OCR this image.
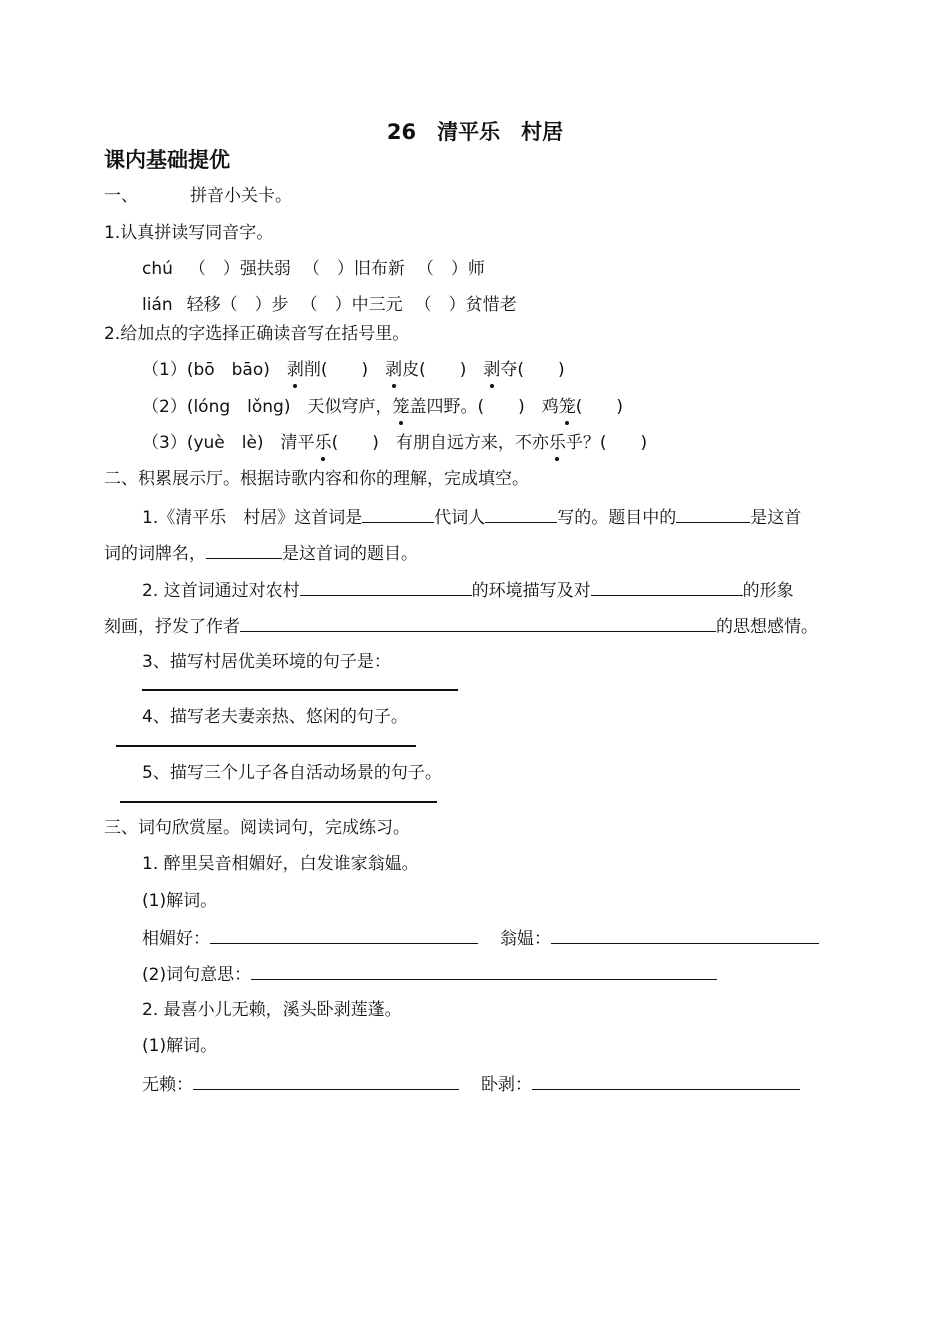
26　清平乐　村居
课内基础提优
一、	拼音小关卡。
1.认真拼读写同音字。
chú （　）强扶弱 （　）旧布新 （　）师
lián 轻移（　）步 （　）中三元 （　）贫惜老
2.给加点的字选择正确读音写在括号里。
（1）(bō　bāo)　剥削(　　)　剥皮(　　)　剥夺(　　)
（2）(lóng　lǒng)　天似穹庐，笼盖四野。(　　)　鸡笼(　　)
（3）(yuè　lè)　清平乐(　　)　有朋自远方来，不亦乐乎？(　　)
二、积累展示厅。根据诗歌内容和你的理解，完成填空。
1.《清平乐　村居》这首词是	代词人	写的。题目中的	是这首
词的词牌名，	是这首词的题目。
2. 这首词通过对农村	的环境描写及对	的形象
刻画，抒发了作者	的思想感情。
3、描写村居优美环境的句子是：
4、描写老夫妻亲热、悠闲的句子。
5、描写三个儿子各自活动场景的句子。
三、词句欣赏屋。阅读词句，完成练习。
1. 醉里吴音相媚好，白发谁家翁媪。
(1)解词。
相媚好：	翁媪：
(2)词句意思：
2. 最喜小儿无赖，溪头卧剥莲蓬。
(1)解词。
无赖：	卧剥：
